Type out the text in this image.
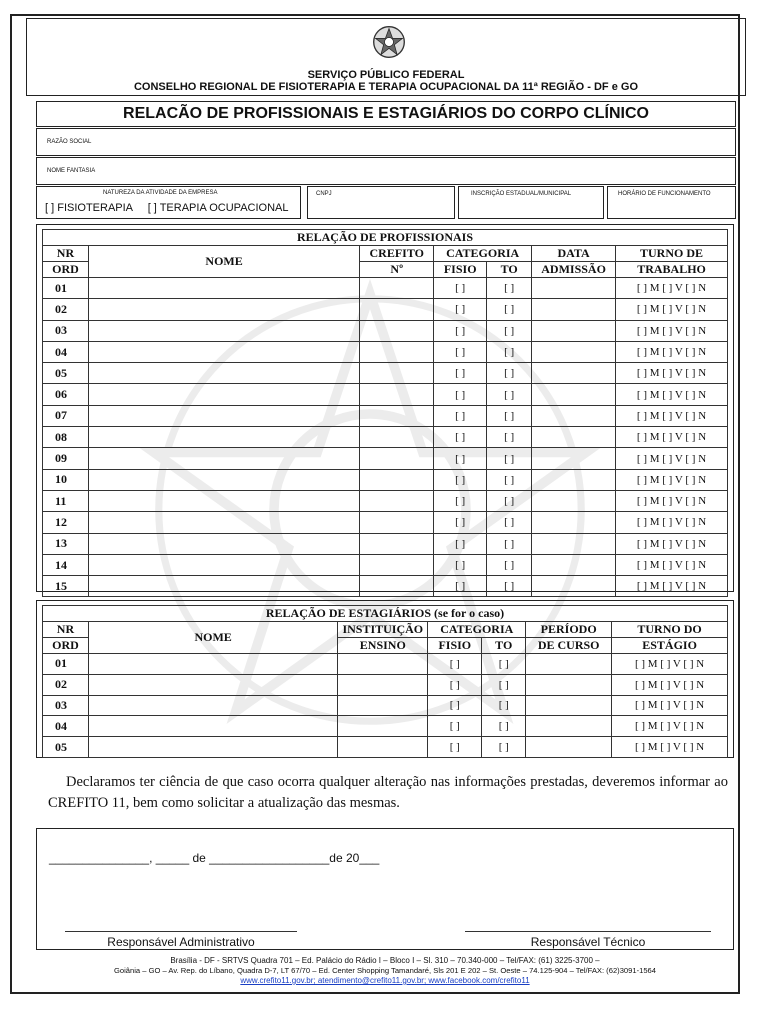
SERVIÇO PÚBLICO FEDERAL
CONSELHO REGIONAL DE FISIOTERAPIA E TERAPIA OCUPACIONAL DA 11ª REGIÃO - DF e GO
RELACÃO DE PROFISSIONAIS E ESTAGIÁRIOS DO CORPO CLÍNICO
RAZÃO SOCIAL
NOME FANTASIA
NATUREZA DA ATIVIDADE DA EMPRESA
[ ] FISIOTERAPIA     [ ] TERAPIA OCUPACIONAL
CNPJ	INSCRIÇÃO ESTADUAL/MUNICIPAL	HORÁRIO DE FUNCIONAMENTO
RELAÇÃO DE PROFISSIONAIS						
NR	NOME	CREFITO	CATEGORIA		DATA	TURNO DE
ORD		Nº	FISIO	TO	ADMISSÃO	TRABALHO
01			[ ]	[ ]		[ ] M [ ] V [ ] N
02			[ ]	[ ]		[ ] M [ ] V [ ] N
03			[ ]	[ ]		[ ] M [ ] V [ ] N
04			[ ]	[ ]		[ ] M [ ] V [ ] N
05			[ ]	[ ]		[ ] M [ ] V [ ] N
06			[ ]	[ ]		[ ] M [ ] V [ ] N
07			[ ]	[ ]		[ ] M [ ] V [ ] N
08			[ ]	[ ]		[ ] M [ ] V [ ] N
09			[ ]	[ ]		[ ] M [ ] V [ ] N
10			[ ]	[ ]		[ ] M [ ] V [ ] N
11			[ ]	[ ]		[ ] M [ ] V [ ] N
12			[ ]	[ ]		[ ] M [ ] V [ ] N
13			[ ]	[ ]		[ ] M [ ] V [ ] N
14			[ ]	[ ]		[ ] M [ ] V [ ] N
15			[ ]	[ ]		[ ] M [ ] V [ ] N
RELAÇÃO DE ESTAGIÁRIOS (se for o caso)						
NR	NOME	INSTITUIÇÃO	CATEGORIA		PERÍODO	TURNO DO
ORD		ENSINO	FISIO	TO	DE CURSO	ESTÁGIO
01			[ ]	[ ]		[ ] M [ ] V [ ] N
02			[ ]	[ ]		[ ] M [ ] V [ ] N
03			[ ]	[ ]		[ ] M [ ] V [ ] N
04			[ ]	[ ]		[ ] M [ ] V [ ] N
05			[ ]	[ ]		[ ] M [ ] V [ ] N
Declaramos ter ciência de que caso ocorra qualquer alteração nas informações prestadas, deveremos informar ao CREFITO 11, bem como solicitar a atualização das mesmas.
_______________, _____ de __________________de 20___
Responsável Administrativo	Responsável Técnico
Brasília - DF - SRTVS Quadra 701 – Ed. Palácio do Rádio I – Bloco I – Sl. 310 – 70.340-000 – Tel/FAX: (61) 3225-3700 –
Goiânia – GO – Av. Rep. do Líbano, Quadra D-7, LT 67/70 – Ed. Center Shopping Tamandaré, Sls 201 E 202 – St. Oeste – 74.125-904 – Tel/FAX: (62)3091-1564
www.crefito11.gov.br; atendimento@crefito11.gov.br; www.facebook.com/crefito11
